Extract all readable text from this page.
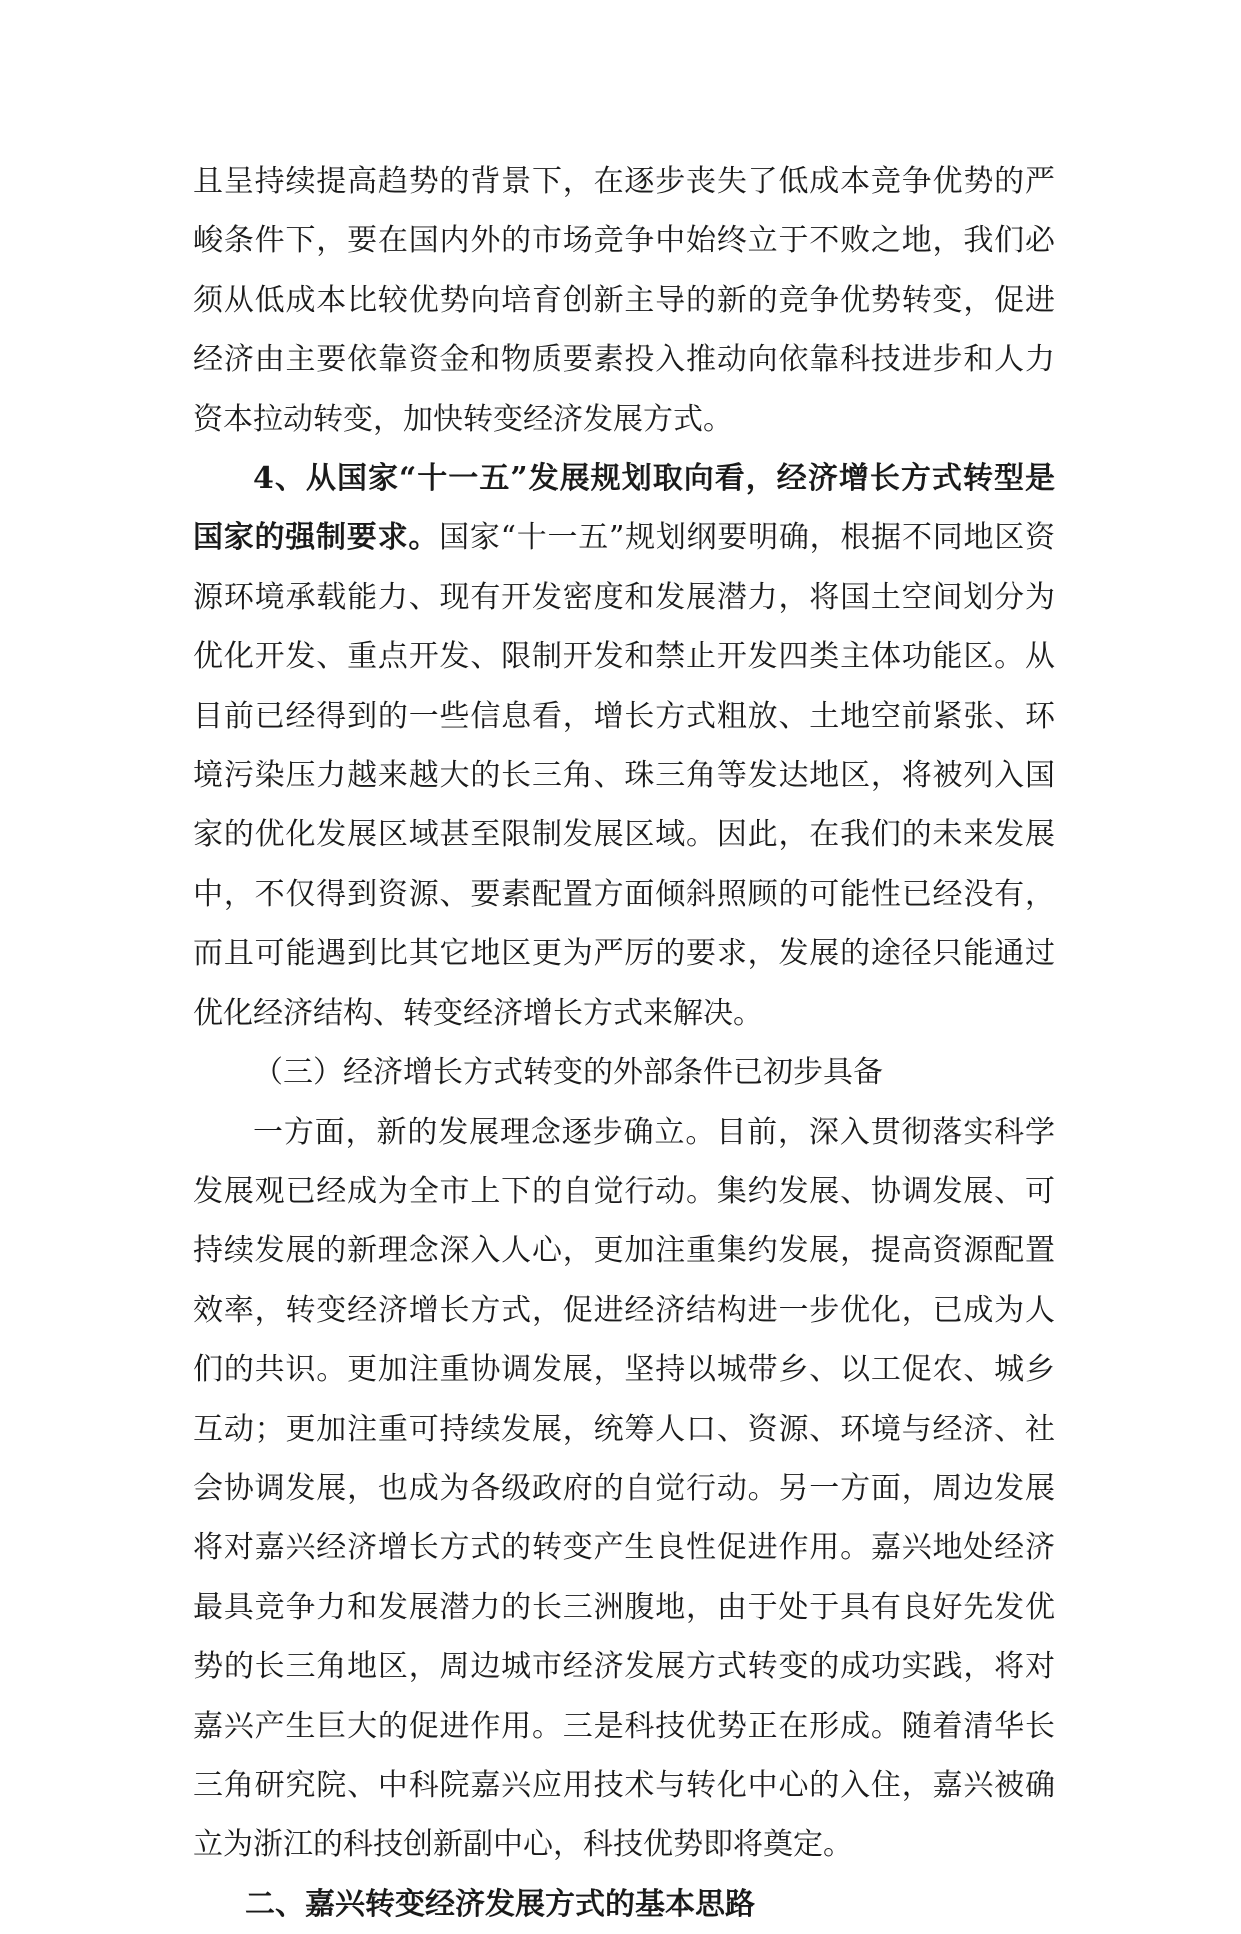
且呈持续提高趋势的背景下，在逐步丧失了低成本竞争优势的严峻条件下，要在国内外的市场竞争中始终立于不败之地，我们必须从低成本比较优势向培育创新主导的新的竞争优势转变，促进经济由主要依靠资金和物质要素投入推动向依靠科技进步和人力资本拉动转变，加快转变经济发展方式。

4、从国家“十一五”发展规划取向看，经济增长方式转型是国家的强制要求。国家“十一五”规划纲要明确，根据不同地区资源环境承载能力、现有开发密度和发展潜力，将国土空间划分为优化开发、重点开发、限制开发和禁止开发四类主体功能区。从目前已经得到的一些信息看，增长方式粗放、土地空前紧张、环境污染压力越来越大的长三角、珠三角等发达地区，将被列入国家的优化发展区域甚至限制发展区域。因此，在我们的未来发展中，不仅得到资源、要素配置方面倾斜照顾的可能性已经没有，而且可能遇到比其它地区更为严厉的要求，发展的途径只能通过优化经济结构、转变经济增长方式来解决。

（三）经济增长方式转变的外部条件已初步具备

一方面，新的发展理念逐步确立。目前，深入贯彻落实科学发展观已经成为全市上下的自觉行动。集约发展、协调发展、可持续发展的新理念深入人心，更加注重集约发展，提高资源配置效率，转变经济增长方式，促进经济结构进一步优化，已成为人们的共识。更加注重协调发展，坚持以城带乡、以工促农、城乡互动；更加注重可持续发展，统筹人口、资源、环境与经济、社会协调发展，也成为各级政府的自觉行动。另一方面，周边发展将对嘉兴经济增长方式的转变产生良性促进作用。嘉兴地处经济最具竞争力和发展潜力的长三洲腹地，由于处于具有良好先发优势的长三角地区，周边城市经济发展方式转变的成功实践，将对嘉兴产生巨大的促进作用。三是科技优势正在形成。随着清华长三角研究院、中科院嘉兴应用技术与转化中心的入住，嘉兴被确立为浙江的科技创新副中心，科技优势即将奠定。

二、嘉兴转变经济发展方式的基本思路
